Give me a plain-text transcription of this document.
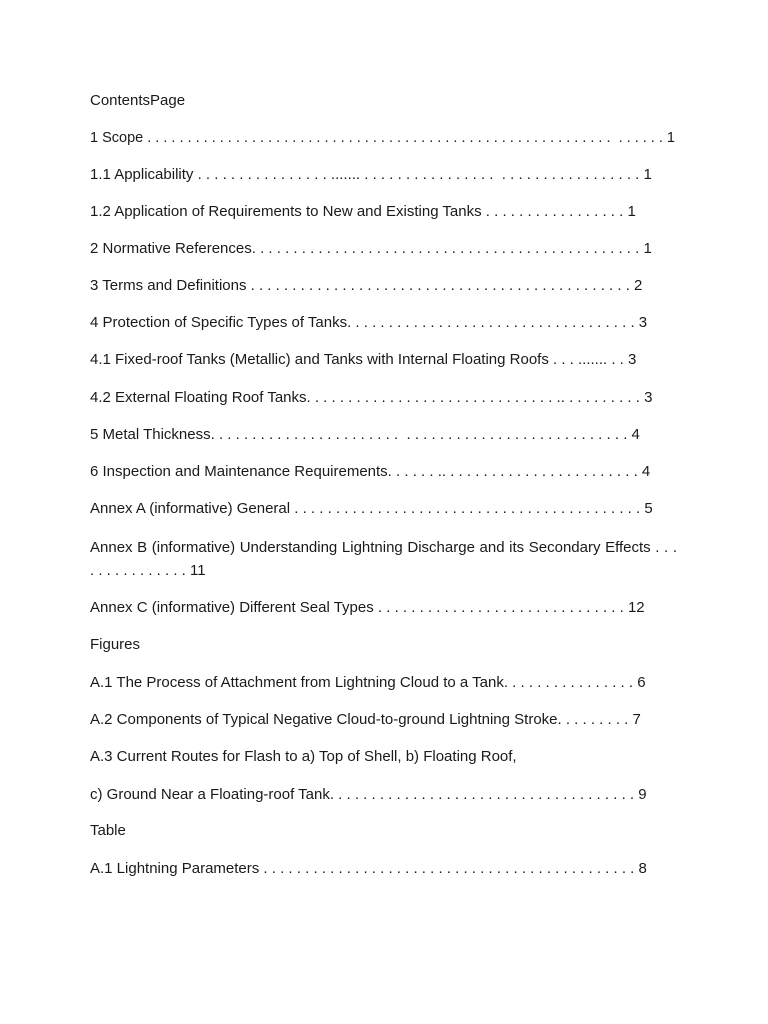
ContentsPage
1 Scope . . . . . . . . . . . . . . . . . . . . . . . . . . . . . . . . . . . . . . . . . . . . . . . . . . . . . . . . . .  . . . . . . 1
1.1 Applicability . . . . . . . . . . . . . . . . ....... . . . . . . . . . . . . . . . .  . . . . . . . . . . . . . . . . . 1
1.2 Application of Requirements to New and Existing Tanks . . . . . . . . . . . . . . . . . 1
2 Normative References. . . . . . . . . . . . . . . . . . . . . . . . . . . . . . . . . . . . . . . . . . . . . . . 1
3 Terms and Definitions . . . . . . . . . . . . . . . . . . . . . . . . . . . . . . . . . . . . . . . . . . . . . . 2
4 Protection of Specific Types of Tanks. . . . . . . . . . . . . . . . . . . . . . . . . . . . . . . . . . . 3
4.1 Fixed-roof Tanks (Metallic) and Tanks with Internal Floating Roofs . . . ....... . . 3
4.2 External Floating Roof Tanks. . . . . . . . . . . . . . . . . . . . . . . . . . . . . . .. . . . . . . . . . 3
5 Metal Thickness. . . . . . . . . . . . . . . . . . . . . . .  . . . . . . . . . . . . . . . . . . . . . . . . . . . 4
6 Inspection and Maintenance Requirements. . . . . . .. . . . . . . . . . . . . . . . . . . . . . . . 4
Annex A (informative) General . . . . . . . . . . . . . . . . . . . . . . . . . . . . . . . . . . . . . . . . . . 5
Annex B (informative) Understanding Lightning Discharge and its Secondary Effects . . . . . . . . . . . . . . . 11
Annex C (informative) Different Seal Types . . . . . . . . . . . . . . . . . . . . . . . . . . . . . . 12
Figures
A.1 The Process of Attachment from Lightning Cloud to a Tank. . . . . . . . . . . . . . . . 6
A.2 Components of Typical Negative Cloud-to-ground Lightning Stroke. . . . . . . . . 7
A.3 Current Routes for Flash to a) Top of Shell, b) Floating Roof,
c) Ground Near a Floating-roof Tank. . . . . . . . . . . . . . . . . . . . . . . . . . . . . . . . . . . . . 9
Table
A.1 Lightning Parameters . . . . . . . . . . . . . . . . . . . . . . . . . . . . . . . . . . . . . . . . . . . . . 8
